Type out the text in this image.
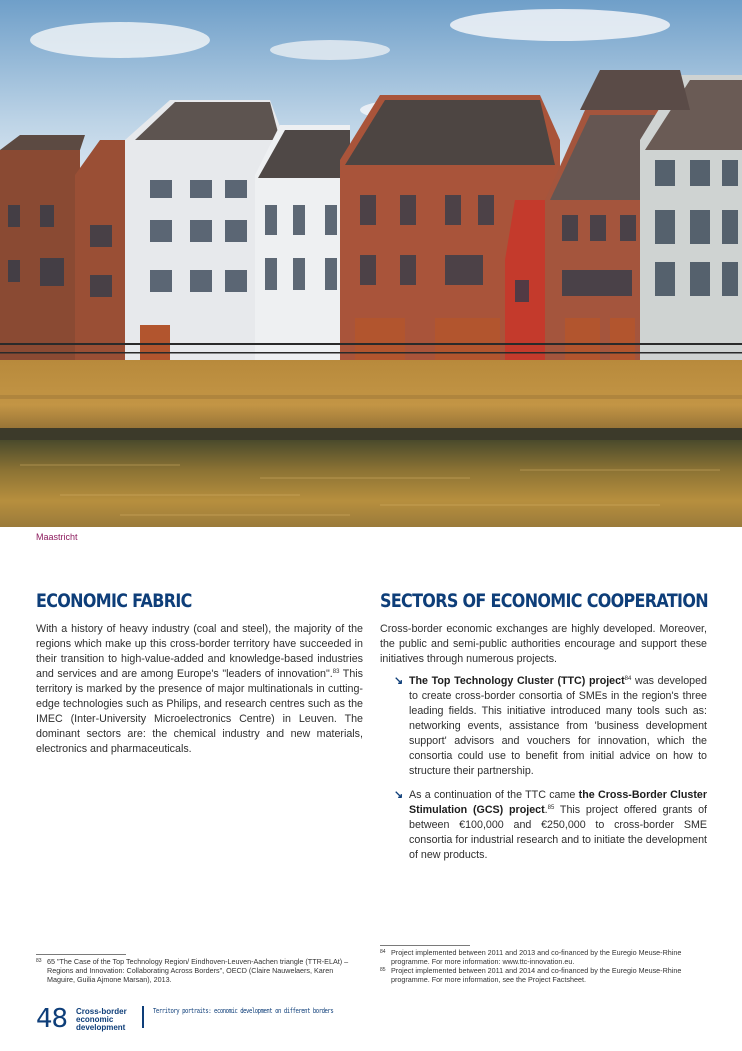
Maastricht
ECONOMIC FABRIC

With a history of heavy industry (coal and steel), the majority of the regions which make up this cross-border territory have succeeded in their transition to high-value-added and knowledge-based industries and services and are among Europe's "leaders of innovation".$^{83}$ This territory is marked by the presence of major multinationals in cutting-edge technologies such as Philips, and research centres such as the IMEC (Inter-University Microelectronics Centre) in Leuven. The dominant sectors are: the chemical industry and new materials, electronics and pharmaceuticals.

SECTORS OF ECONOMIC COOPERATION

Cross-border economic exchanges are highly developed. Moreover, the public and semi-public authorities encourage and support these initiatives through numerous projects.

↘ The Top Technology Cluster (TTC) project$^{84}$ was developed to create cross-border consortia of SMEs in the region's three leading fields. This initiative introduced many tools such as: networking events, assistance from 'business development support' advisors and vouchers for innovation, which the consortia could use to benefit from initial advice on how to structure their partnership.
↘ As a continuation of the TTC came the Cross-Border Cluster Stimulation (GCS) project.$^{85}$ This project offered grants of between €100,000 and €250,000 to cross-border SME consortia for industrial research and to initiate the development of new products.
83 65 "The Case of the Top Technology Region/ Eindhoven-Leuven-Aachen triangle (TTR-ELAt) – Regions and Innovation: Collaborating Across Borders", OECD (Claire Nauwelaers, Karen Maguire, Guilia Ajmone Marsan), 2013.
84 Project implemented between 2011 and 2013 and co-financed by the Euregio Meuse-Rhine programme. For more information: www.ttc-innovation.eu.
85 Project implemented between 2011 and 2014 and co-financed by the Euregio Meuse-Rhine programme. For more information, see the Project Factsheet.
48 Cross-border
economic
development
Territory portraits: economic development on different borders
